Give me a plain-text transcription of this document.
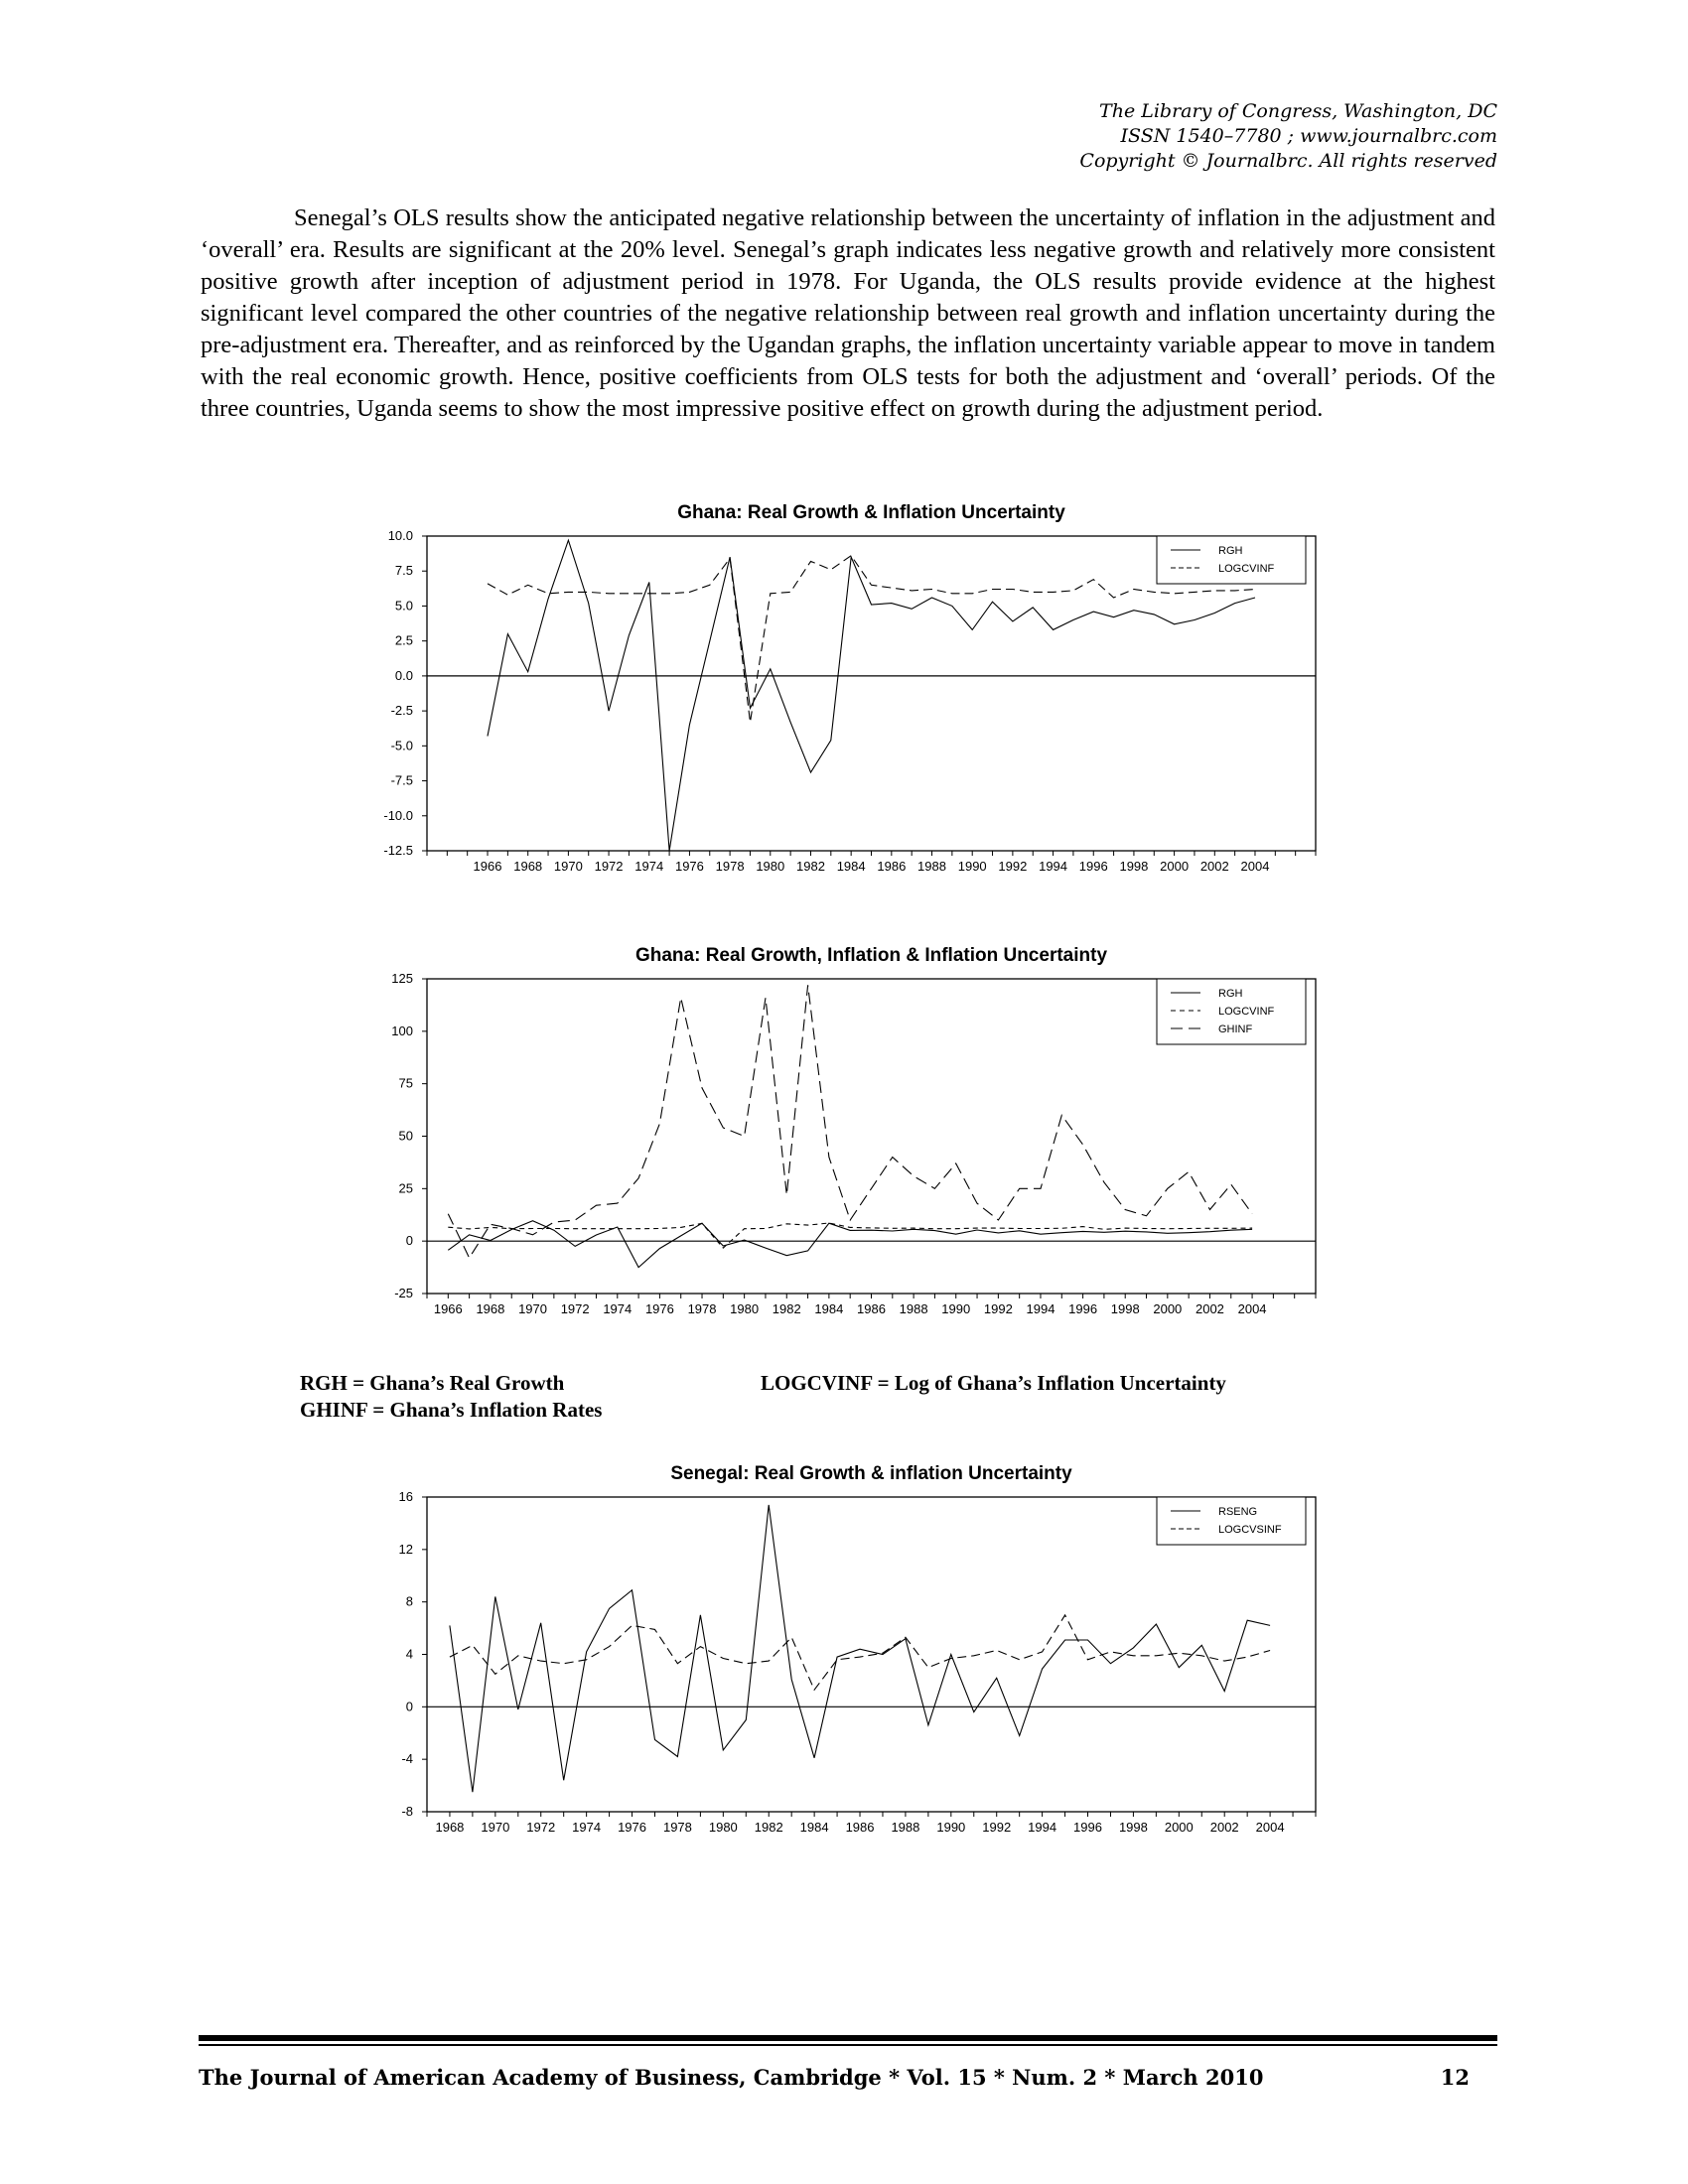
The Library of Congress, Washington, DC
ISSN 1540–7780 ; www.journalbrc.com
Copyright © Journalbrc. All rights reserved

Senegal’s OLS results show the anticipated negative relationship between the uncertainty of inflation in the adjustment and ‘overall’ era. Results are significant at the 20% level. Senegal’s graph indicates less negative growth and relatively more consistent positive growth after inception of adjustment period in 1978. For Uganda, the OLS results provide evidence at the highest significant level compared the other countries of the negative relationship between real growth and inflation uncertainty during the pre-adjustment era. Thereafter, and as reinforced by the Ugandan graphs, the inflation uncertainty variable appear to move in tandem with the real economic growth. Hence, positive coefficients from OLS tests for both the adjustment and ‘overall’ periods. Of the three countries, Uganda seems to show the most impressive positive effect on growth during the adjustment period.

Ghana: Real Growth & Inflation Uncertainty
10.0
7.5
5.0
2.5
0.0
-2.5
-5.0
-7.5
-10.0
-12.5
1966 1968 1970 1972 1974 1976 1978 1980 1982 1984 1986 1988 1990 1992 1994 1996 1998 2000 2002 2004
RGH
LOGCVINF
Ghana: Real Growth, Inflation & Inflation Uncertainty
125
100
75
50
25
0
-25
1966 1968 1970 1972 1974 1976 1978 1980 1982 1984 1986 1988 1990 1992 1994 1996 1998 2000 2002 2004
RGH
LOGCVINF
GHINF
RGH = Ghana’s Real Growth
GHINF = Ghana’s Inflation Rates
LOGCVINF = Log of Ghana’s Inflation Uncertainty
Senegal: Real Growth & inflation Uncertainty
16
12
8
4
0
-4
-8
1968 1970 1972 1974 1976 1978 1980 1982 1984 1986 1988 1990 1992 1994 1996 1998 2000 2002 2004
RSENG
LOGCVSINF
The Journal of American Academy of Business, Cambridge * Vol. 15 * Num. 2 * March 2010	12
